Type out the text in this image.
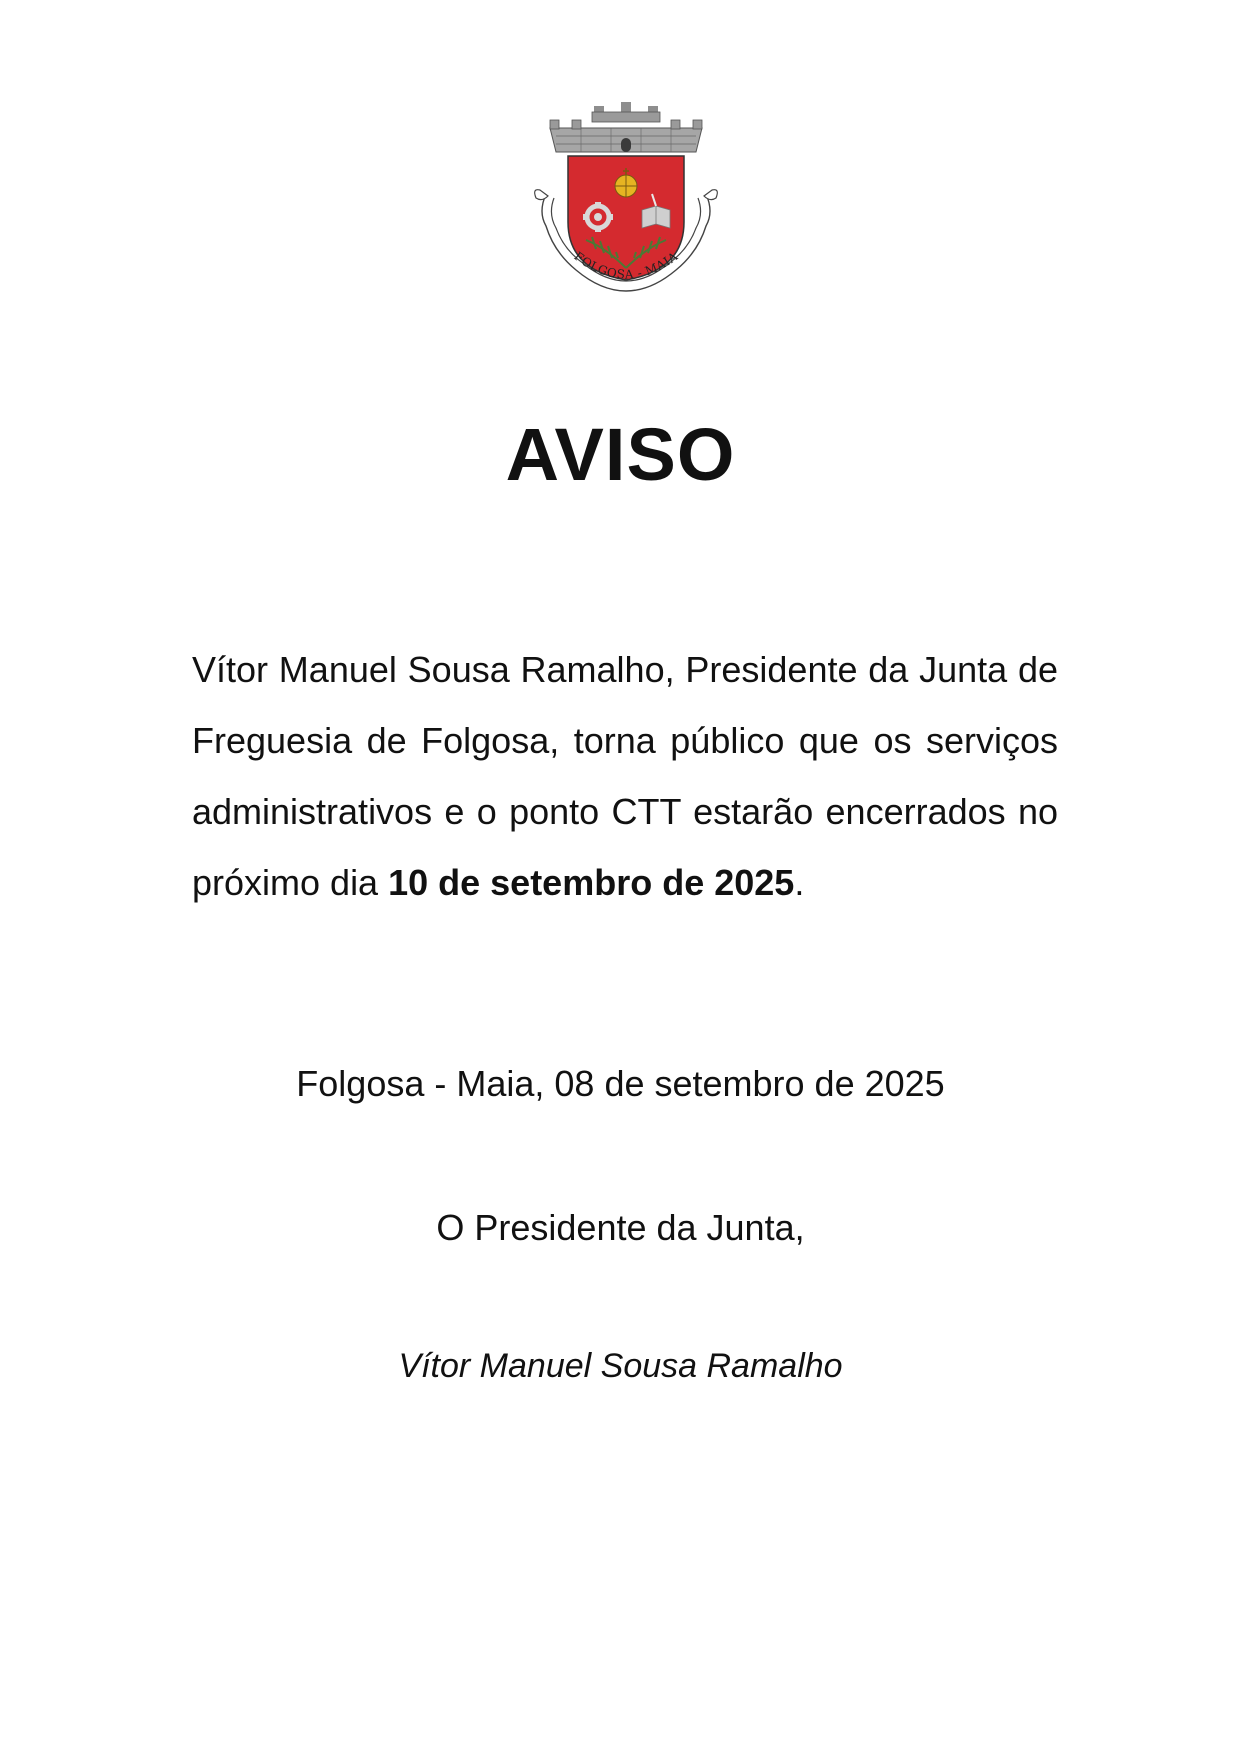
FOLGOSA - MAIA
AVISO
Vítor Manuel Sousa Ramalho, Presidente da Junta de Freguesia de Folgosa, torna público que os serviços administrativos e o ponto CTT estarão encerrados no próximo dia 10 de setembro de 2025.
Folgosa - Maia, 08 de setembro de 2025
O Presidente da Junta,
Vítor Manuel Sousa Ramalho
